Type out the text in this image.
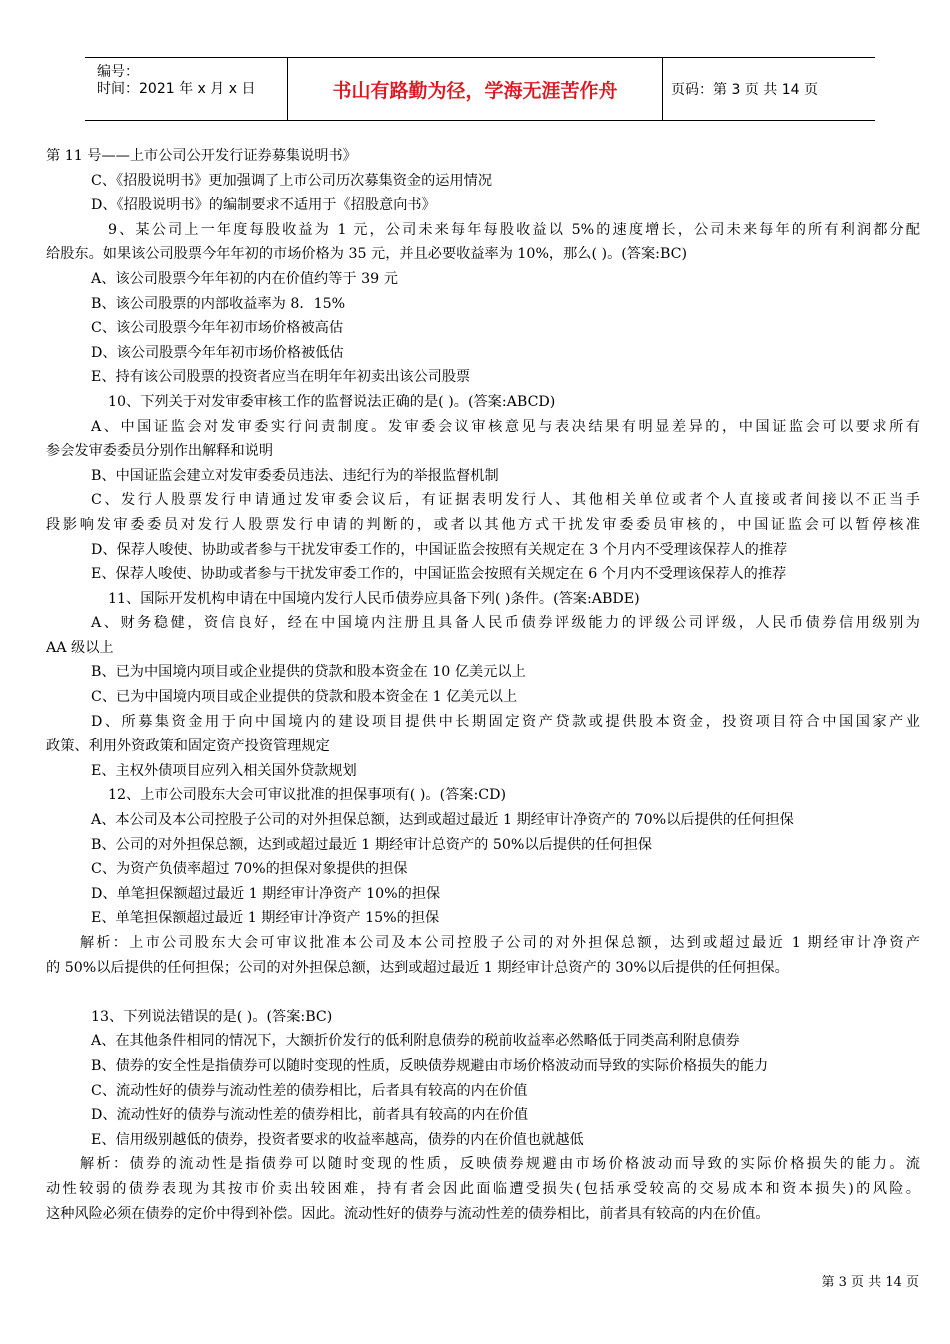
编号：
时间：2021 年 x 月 x 日	书山有路勤为径，学海无涯苦作舟	页码：第 3 页 共 14 页
第 11 号——上市公司公开发行证券募集说明书》
C、《招股说明书》更加强调了上市公司历次募集资金的运用情况
D、《招股说明书》的编制要求不适用于《招股意向书》
9、某公司上一年度每股收益为 1 元，公司未来每年每股收益以 5%的速度增长，公司未来每年的所有利润都分配
给股东。如果该公司股票今年年初的市场价格为 35 元，并且必要收益率为 10%，那么( )。(答案:BC)
A、该公司股票今年年初的内在价值约等于 39 元
B、该公司股票的内部收益率为 8．15%
C、该公司股票今年年初市场价格被高估
D、该公司股票今年年初市场价格被低估
E、持有该公司股票的投资者应当在明年年初卖出该公司股票
10、下列关于对发审委审核工作的监督说法正确的是( )。(答案:ABCD)
A、中国证监会对发审委实行问责制度。发审委会议审核意见与表决结果有明显差异的，中国证监会可以要求所有
参会发审委委员分别作出解释和说明
B、中国证监会建立对发审委委员违法、违纪行为的举报监督机制
C、发行人股票发行申请通过发审委会议后，有证据表明发行人、其他相关单位或者个人直接或者间接以不正当手
段影响发审委委员对发行人股票发行申请的判断的，或者以其他方式干扰发审委委员审核的，中国证监会可以暂停核准
D、保荐人唆使、协助或者参与干扰发审委工作的，中国证监会按照有关规定在 3 个月内不受理该保荐人的推荐
E、保荐人唆使、协助或者参与干扰发审委工作的，中国证监会按照有关规定在 6 个月内不受理该保荐人的推荐
11、国际开发机构申请在中国境内发行人民币债券应具备下列( )条件。(答案:ABDE)
A、财务稳健，资信良好，经在中国境内注册且具备人民币债券评级能力的评级公司评级，人民币债券信用级别为
AA 级以上
B、已为中国境内项目或企业提供的贷款和股本资金在 10 亿美元以上
C、已为中国境内项目或企业提供的贷款和股本资金在 1 亿美元以上
D、所募集资金用于向中国境内的建设项目提供中长期固定资产贷款或提供股本资金，投资项目符合中国国家产业
政策、利用外资政策和固定资产投资管理规定
E、主权外债项目应列入相关国外贷款规划
12、上市公司股东大会可审议批准的担保事项有( )。(答案:CD)
A、本公司及本公司控股子公司的对外担保总额，达到或超过最近 1 期经审计净资产的 70%以后提供的任何担保
B、公司的对外担保总额，达到或超过最近 1 期经审计总资产的 50%以后提供的任何担保
C、为资产负债率超过 70%的担保对象提供的担保
D、单笔担保额超过最近 1 期经审计净资产 10%的担保
E、单笔担保额超过最近 1 期经审计净资产 15%的担保
解析：上市公司股东大会可审议批准本公司及本公司控股子公司的对外担保总额，达到或超过最近 1 期经审计净资产
的 50%以后提供的任何担保；公司的对外担保总额，达到或超过最近 1 期经审计总资产的 30%以后提供的任何担保。
13、下列说法错误的是( )。(答案:BC)
A、在其他条件相同的情况下，大额折价发行的低利附息债券的税前收益率必然略低于同类高利附息债券
B、债券的安全性是指债券可以随时变现的性质，反映债券规避由市场价格波动而导致的实际价格损失的能力
C、流动性好的债券与流动性差的债券相比，后者具有较高的内在价值
D、流动性好的债券与流动性差的债券相比，前者具有较高的内在价值
E、信用级别越低的债券，投资者要求的收益率越高，债券的内在价值也就越低
解析：债券的流动性是指债券可以随时变现的性质，反映债券规避由市场价格波动而导致的实际价格损失的能力。流
动性较弱的债券表现为其按市价卖出较困难，持有者会因此面临遭受损失(包括承受较高的交易成本和资本损失)的风险。
这种风险必须在债券的定价中得到补偿。因此。流动性好的债券与流动性差的债券相比，前者具有较高的内在价值。
第 3 页 共 14 页
